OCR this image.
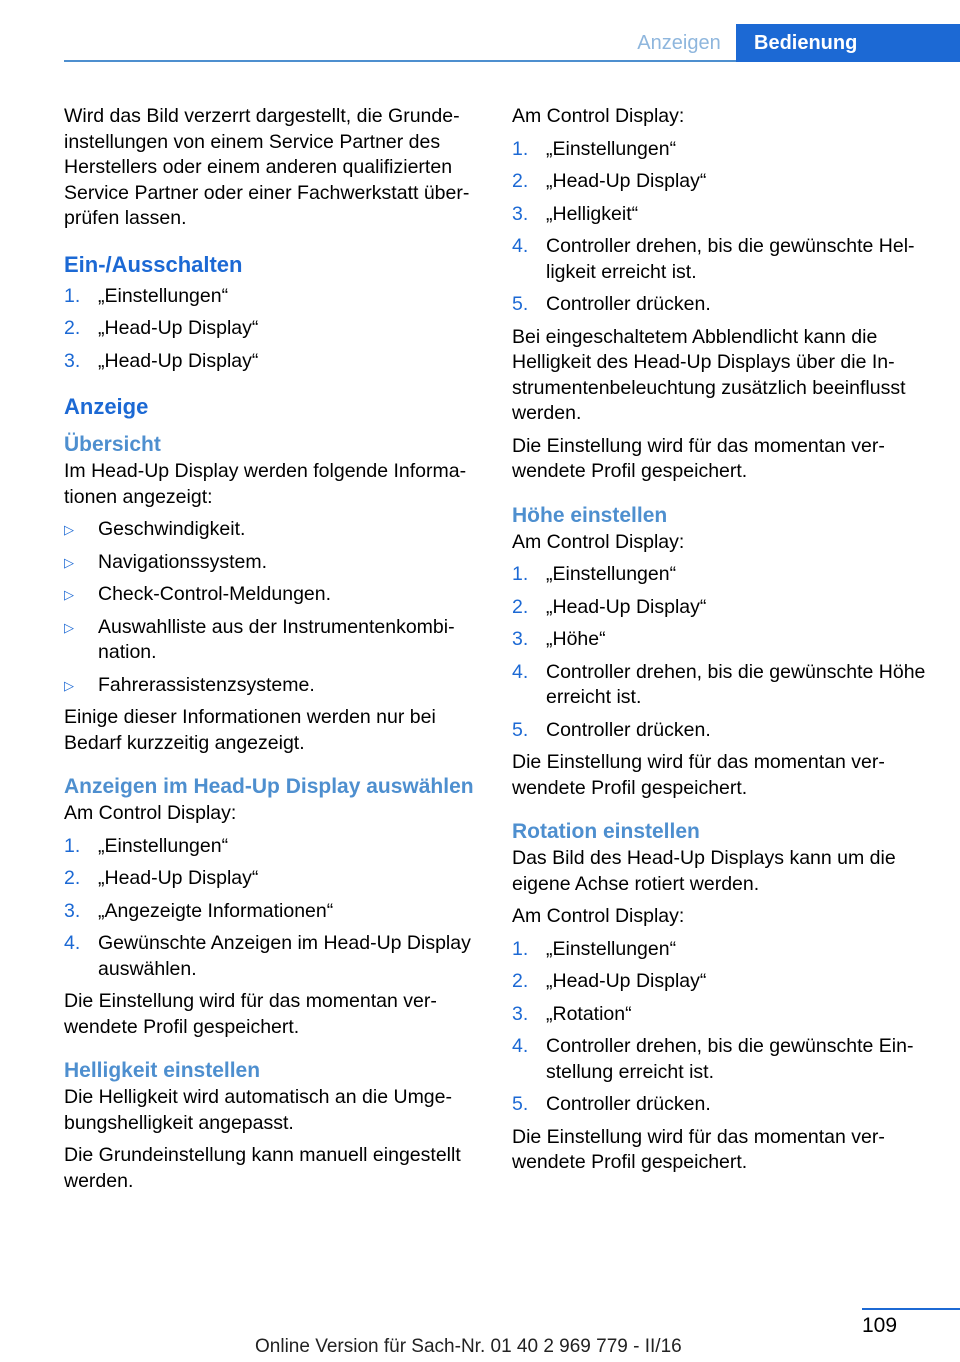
Anzeigen	Bedienung

Wird das Bild verzerrt dargestellt, die Grundeinstellungen von einem Service Partner des Herstellers oder einem anderen qualifizierten Service Partner oder einer Fachwerkstatt überprüfen lassen.

Ein-/Ausschalten
1. „Einstellungen“
2. „Head-Up Display“
3. „Head-Up Display“
Anzeige
Übersicht

Im Head-Up Display werden folgende Informationen angezeigt:

▷ Geschwindigkeit.
▷ Navigationssystem.
▷ Check-Control-Meldungen.
▷ Auswahlliste aus der Instrumentenkombination.
▷ Fahrerassistenzsysteme.

Einige dieser Informationen werden nur bei Bedarf kurzzeitig angezeigt.

Anzeigen im Head-Up Display auswählen

Am Control Display:

1. „Einstellungen“
2. „Head-Up Display“
3. „Angezeigte Informationen“
4. Gewünschte Anzeigen im Head-Up Display auswählen.

Die Einstellung wird für das momentan verwendete Profil gespeichert.

Helligkeit einstellen

Die Helligkeit wird automatisch an die Umgebungshelligkeit angepasst.

Die Grundeinstellung kann manuell eingestellt werden.

Am Control Display:

1. „Einstellungen“
2. „Head-Up Display“
3. „Helligkeit“
4. Controller drehen, bis die gewünschte Helligkeit erreicht ist.
5. Controller drücken.

Bei eingeschaltetem Abblendlicht kann die Helligkeit des Head-Up Displays über die Instrumentenbeleuchtung zusätzlich beeinflusst werden.

Die Einstellung wird für das momentan verwendete Profil gespeichert.

Höhe einstellen

Am Control Display:

1. „Einstellungen“
2. „Head-Up Display“
3. „Höhe“
4. Controller drehen, bis die gewünschte Höhe erreicht ist.
5. Controller drücken.

Die Einstellung wird für das momentan verwendete Profil gespeichert.

Rotation einstellen

Das Bild des Head-Up Displays kann um die eigene Achse rotiert werden.

Am Control Display:

1. „Einstellungen“
2. „Head-Up Display“
3. „Rotation“
4. Controller drehen, bis die gewünschte Einstellung erreicht ist.
5. Controller drücken.

Die Einstellung wird für das momentan verwendete Profil gespeichert.

109
Online Version für Sach-Nr. 01 40 2 969 779 - II/16
